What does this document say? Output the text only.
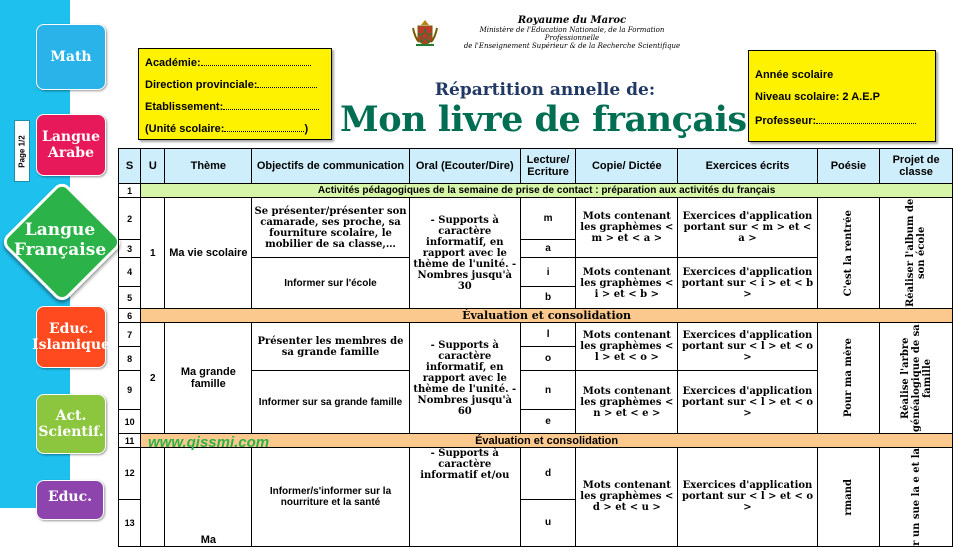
Math
Page 1/2	Langue Arabe
Langue Française
Educ. Islamique
Act. Scientif.
Educ.
Académie:
Direction provinciale:
Etablissement:
(Unité scolaire:	)
Royaume du Maroc
Ministère de l'Education Nationale, de la Formation Professionnelle
de l'Enseignement Supérieur & de la Recherche Scientifique
Répartition annelle de:
Mon livre de français
Année scolaire
Niveau scolaire: 2 A.E.P
Professeur:
S	U	Thème	Objectifs de communication	Oral (Ecouter/Dire)	Lecture/ Ecriture	Copie/ Dictée	Exercices écrits	Poésie	Projet de classe
1	Activités pédagogiques de la semaine de prise de contact : préparation aux activités du français								
2	1	Ma vie scolaire	Se présenter/présenter son camarade, ses proche, sa fourniture scolaire, le mobilier de sa classe,…	- Supports à caractère informatif, en rapport avec le thème de l'unité. - Nombres jusqu'à 30	m	Mots contenant les graphèmes < m > et < a >	Exercices d'application portant sur < m > et < a >	C'est la rentrée	Réaliser l'album de son école

3					a				
4			Informer sur l'école		i	Mots contenant les graphèmes < i > et < b >	Exercices d'application portant sur < i > et < b >		
5					b				
6	Évaluation et consolidation								
7	2	Ma grande famille	Présenter les membres de sa grande famille	- Supports à caractère informatif, en rapport avec le thème de l'unité. - Nombres jusqu'à 60	l	Mots contenant les graphèmes < l > et < o >	Exercices d'application portant sur < l > et < o >	Pour ma mère	Réalise l'arbre généalogique de sa famille

8					o				
9			Informer sur sa grande famille		n	Mots contenant les graphèmes < n > et < e >	Exercices d'application portant sur < l > et < o >		
10					e				
11	Évaluation et consolidation								
12		Ma	Informer/s'informer sur la nourriture et la santé	- Supports à caractère informatif et/ou	d	Mots contenant les graphèmes < d > et < u >	Exercices d'application portant sur < l > et < o >	rmand	r un sue la e et la

13					u				
www.qissmi.com
